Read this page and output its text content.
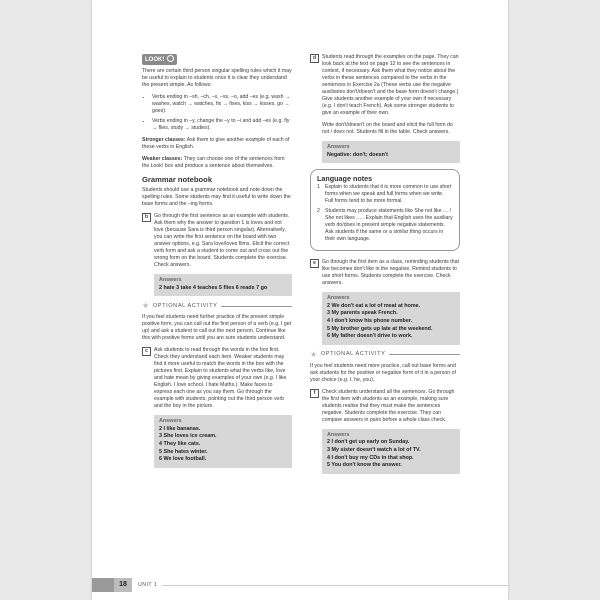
LOOK!

There are certain third person singular spelling rules which it may be useful to explain to students once it is clear they understand the present simple. As follows:

• Verbs ending in –sh, –ch, –x, –ss, –o, add –es (e.g. wash → washes, watch → watches, fix → fixes, kiss → kisses, go → goes).
• Verbs ending in –y, change the –y to –i and add –es (e.g. fly → flies, study → studies).

Stronger classes: Ask them to give another example of each of these verbs in English.

Weaker classes: They can choose one of the sentences from the Look! box and produce a sentence about themselves.

Grammar notebook

Students should use a grammar notebook and note down the spelling rules. Some students may find it useful to write down the base forms and the –ing forms.

b	Go through the first sentence as an example with students. Ask them why the answer to question 1 is loves and not love (because Sara is third person singular). Alternatively, you can write the first sentence on the board with two answer options, e.g. Sara love/loves films. Elicit the correct verb form and ask a student to come out and cross out the wrong form on the board. Students complete the exercise. Check answers.
Answers
2 hate 3 take 4 teaches 5 flies 6 reads 7 go
★ OPTIONAL ACTIVITY

If you feel students need further practice of the present simple positive form, you can call out the first person of a verb (e.g. I get up) and ask a student to call out the next person. Continue like this with positive forms until you are sure students understand.

c	Ask students to read through the words in the box first. Check they understand each item. Weaker students may find it more useful to match the words in the box with the pictures first. Explain to students what the verbs like, love and hate mean by giving examples of your own (e.g. I like English. I love school. I hate Maths.). Make faces to express each one as you say them. Go through the example with students, pointing out the third person verb and the boy in the picture.
Answers
2 I like bananas.
3 She loves ice cream.
4 They like cats.
5 She hates winter.
6 We love football.
d	Students read through the examples on the page. They can look back at the text on page 12 to see the sentences in context, if necessary. Ask them what they notice about the verbs in these sentences compared to the verbs in the sentences in Exercise 2a (These verbs use the negative auxiliaries don't/doesn't and the base form doesn't change.) Give students another example of your own if necessary (e.g. I don't teach French). Ask some stronger students to give an example of their own.

Write don't/doesn't on the board and elicit the full form do not / does not. Students fill in the table. Check answers.

Answers
Negative: don't; doesn't
Language notes
1 Explain to students that it is more common to use short forms when we speak and full forms when we write. Full forms tend to be more formal.
2 Students may produce statements like She not like … / She not likes … . Explain that English uses the auxiliary verb do/does in present simple negative statements. Ask students if the same or a similar thing occurs in their own language.
e	Go through the first item as a class, reminding students that like becomes don't like in the negative. Remind students to use short forms. Students complete the exercise. Check answers.
Answers
2 We don't eat a lot of meat at home.
3 My parents speak French.
4 I don't know his phone number.
5 My brother gets up late at the weekend.
6 My father doesn't drive to work.
★ OPTIONAL ACTIVITY

If you feel students need more practice, call out base forms and ask students for the positive or negative form of it in a person of your choice (e.g. I, he, you).

f	Check students understand all the sentences. Go through the first item with students as an example, making sure students realise that they must make the sentences negative. Students complete the exercise. They can compare answers in pairs before a whole class check.
Answers
2 I don't get up early on Sunday.
3 My sister doesn't watch a lot of TV.
4 I don't buy my CDs in that shop.
5 You don't know the answer.
18	UNIT 1
